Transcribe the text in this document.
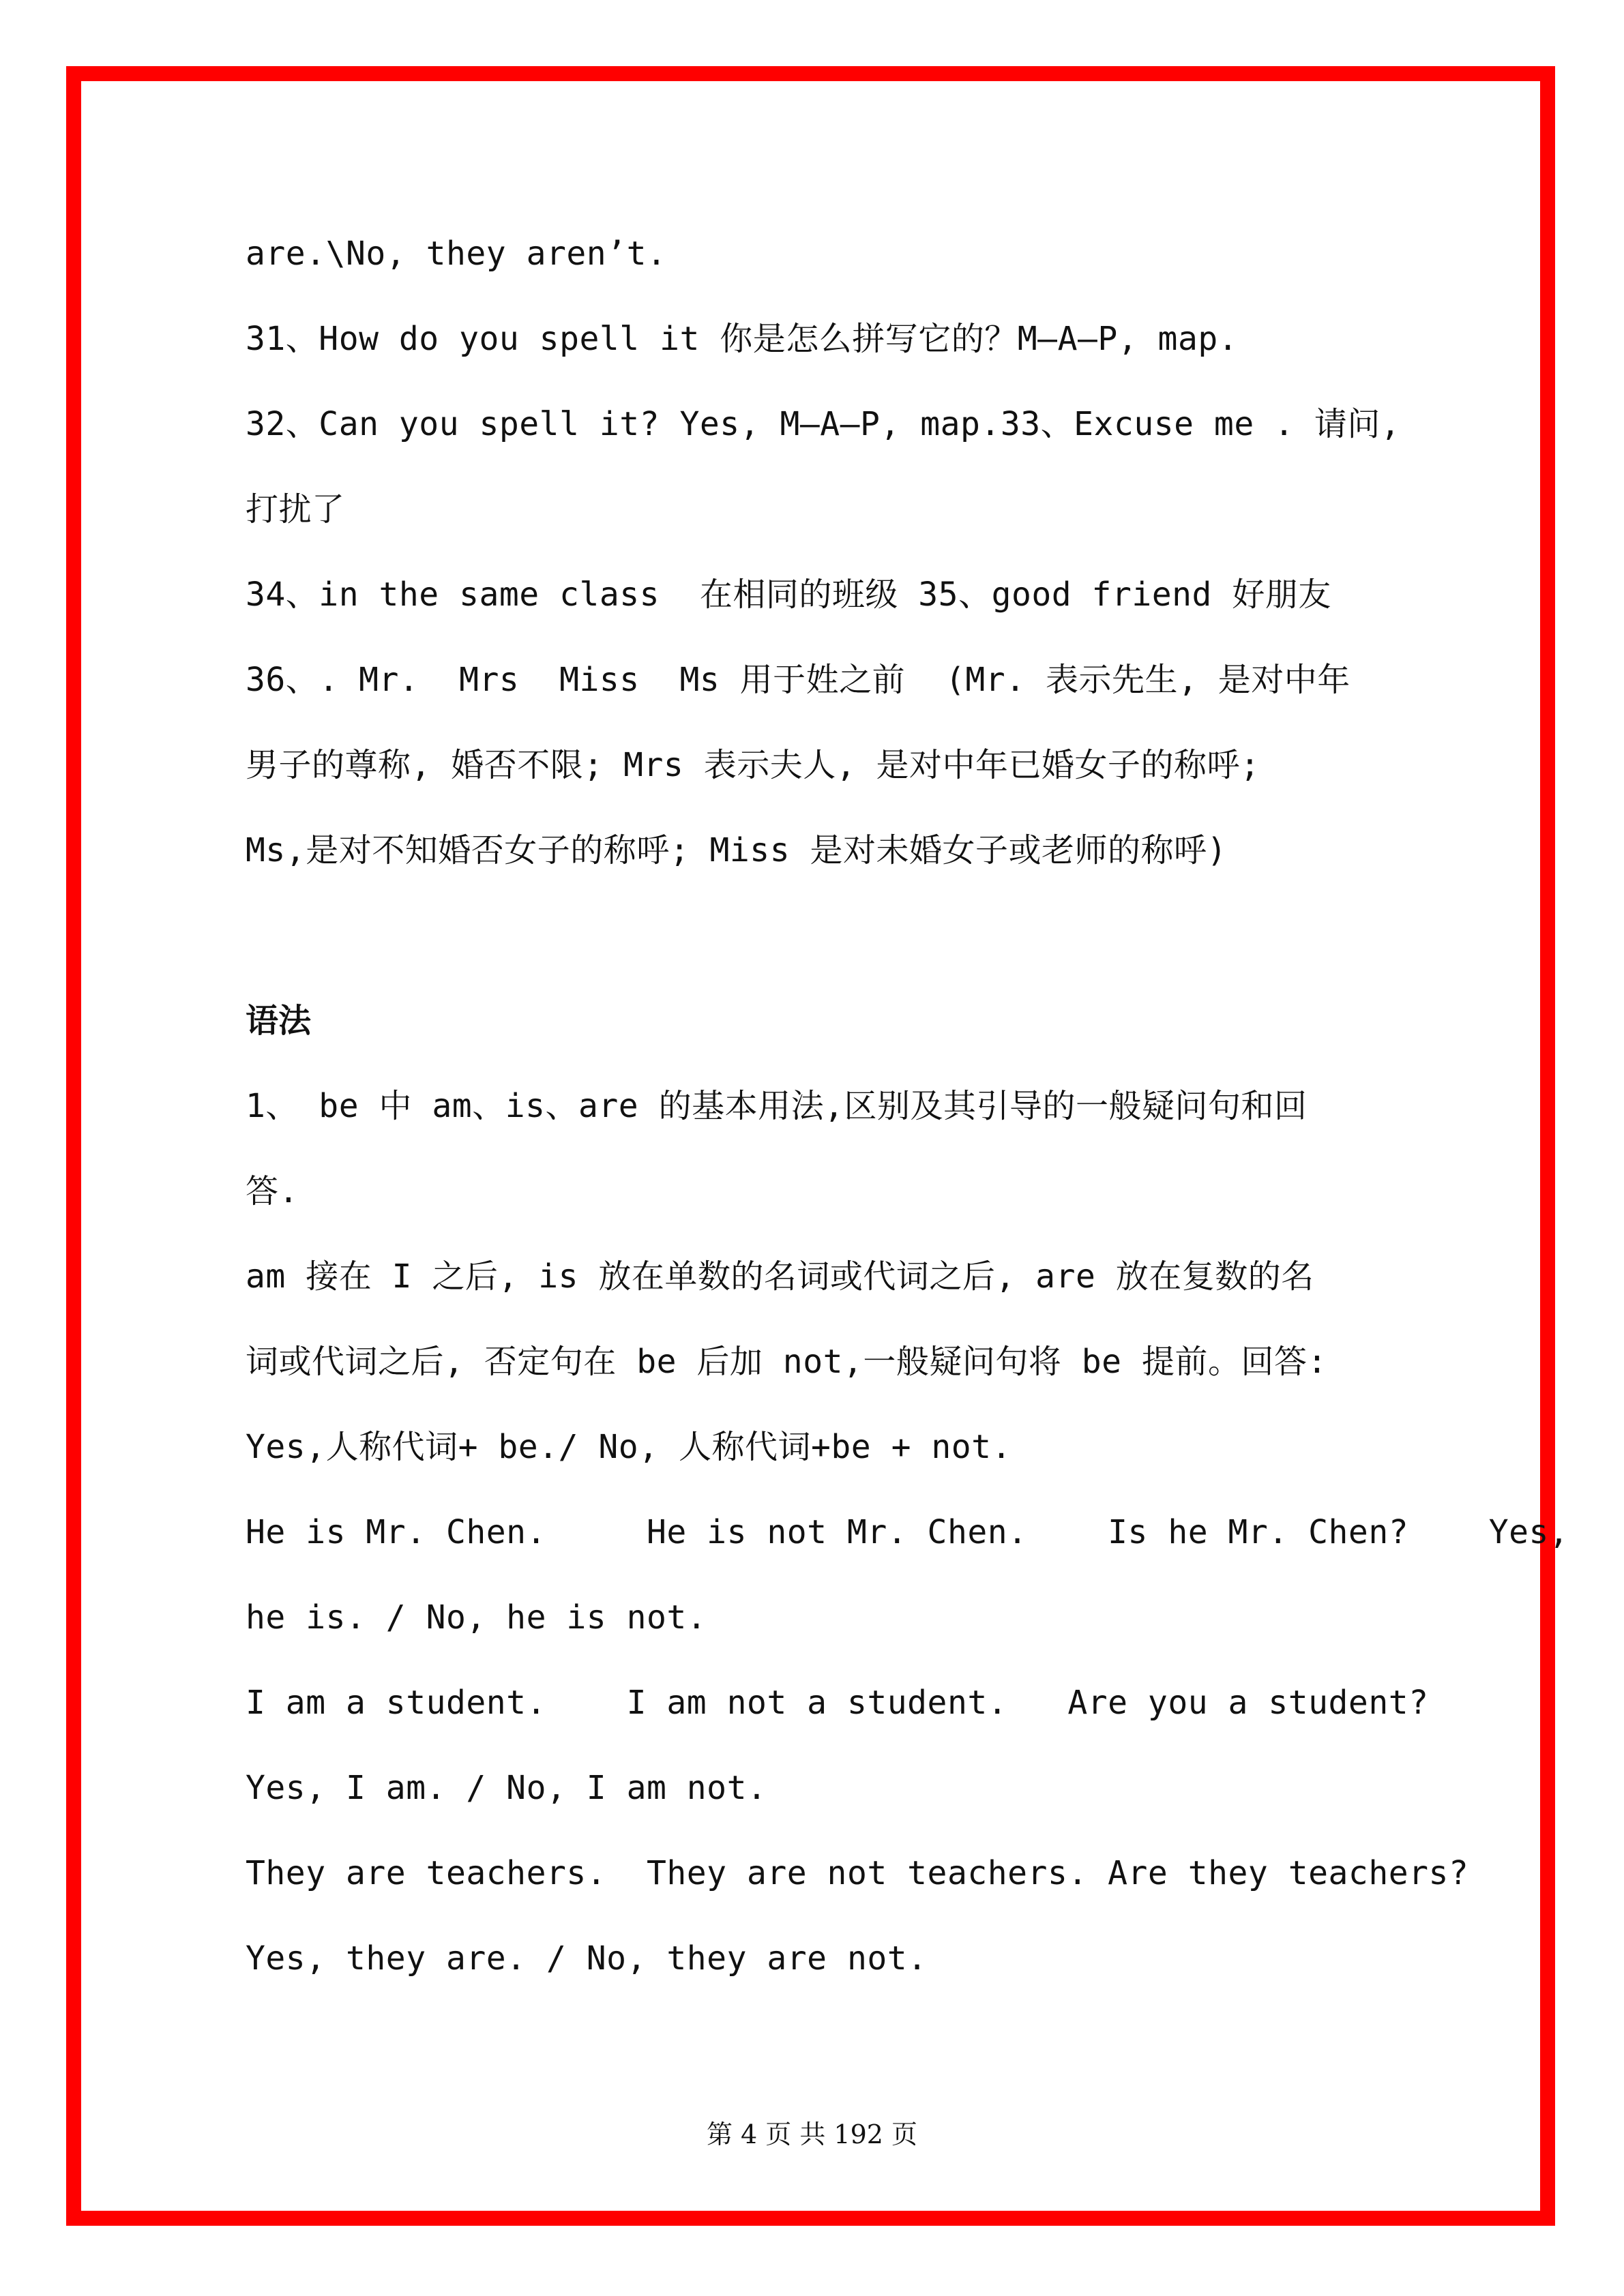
are.\No, they aren’t.
31、How do you spell it 你是怎么拼写它的？M—A—P, map.
32、Can you spell it? Yes, M—A—P, map.33、Excuse me . 请问,
打扰了
34、in the same class  在相同的班级 35、good friend 好朋友
36、. Mr.  Mrs  Miss  Ms 用于姓之前  (Mr. 表示先生, 是对中年
男子的尊称, 婚否不限; Mrs 表示夫人, 是对中年已婚女子的称呼;
Ms,是对不知婚否女子的称呼; Miss 是对未婚女子或老师的称呼)
语法
1、 be 中 am、is、are 的基本用法,区别及其引导的一般疑问句和回
答.
am 接在 I 之后, is 放在单数的名词或代词之后, are 放在复数的名
词或代词之后, 否定句在 be 后加 not,一般疑问句将 be 提前。回答:
Yes,人称代词+ be./ No, 人称代词+be + not.
He is Mr. Chen.     He is not Mr. Chen.    Is he Mr. Chen?    Yes,
he is. / No, he is not.
I am a student.    I am not a student.   Are you a student?
Yes, I am. / No, I am not.
They are teachers.  They are not teachers. Are they teachers?
Yes, they are. / No, they are not.
第 4 页 共 192 页
